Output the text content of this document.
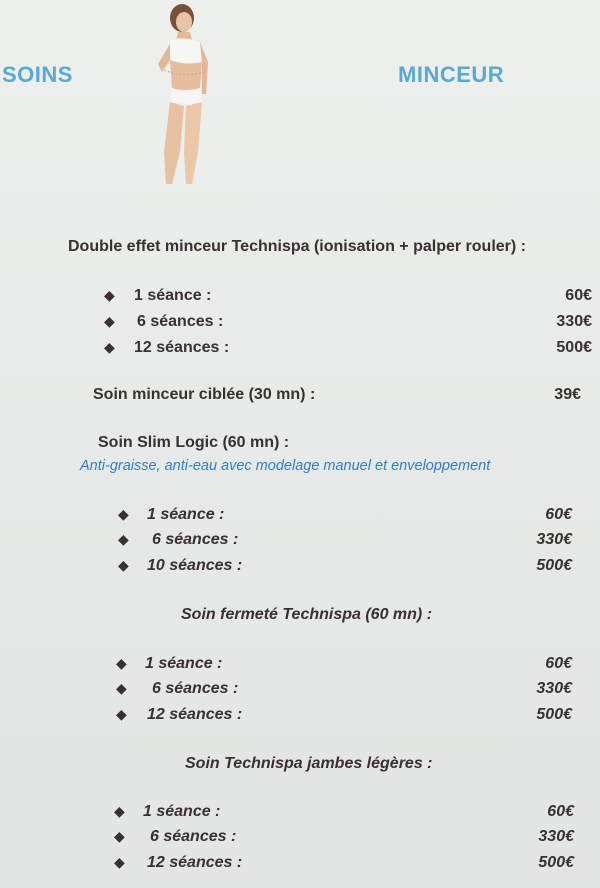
SOINS	MINCEUR
Double effet minceur Technispa (ionisation + palper rouler) :
◆ 1 séance :	60€
◆ 6 séances :	330€
◆ 12 séances :	500€
Soin minceur ciblée (30 mn) :	39€
Soin Slim Logic (60 mn) :
Anti-graisse, anti-eau avec modelage manuel et enveloppement
◆ 1 séance :	60€
◆ 6 séances :	330€
◆ 10 séances :	500€
Soin fermeté Technispa (60 mn) :
◆ 1 séance :	60€
◆ 6 séances :	330€
◆ 12 séances :	500€
Soin Technispa jambes légères :
◆ 1 séance :	60€
◆ 6 séances :	330€
◆ 12 séances :	500€
